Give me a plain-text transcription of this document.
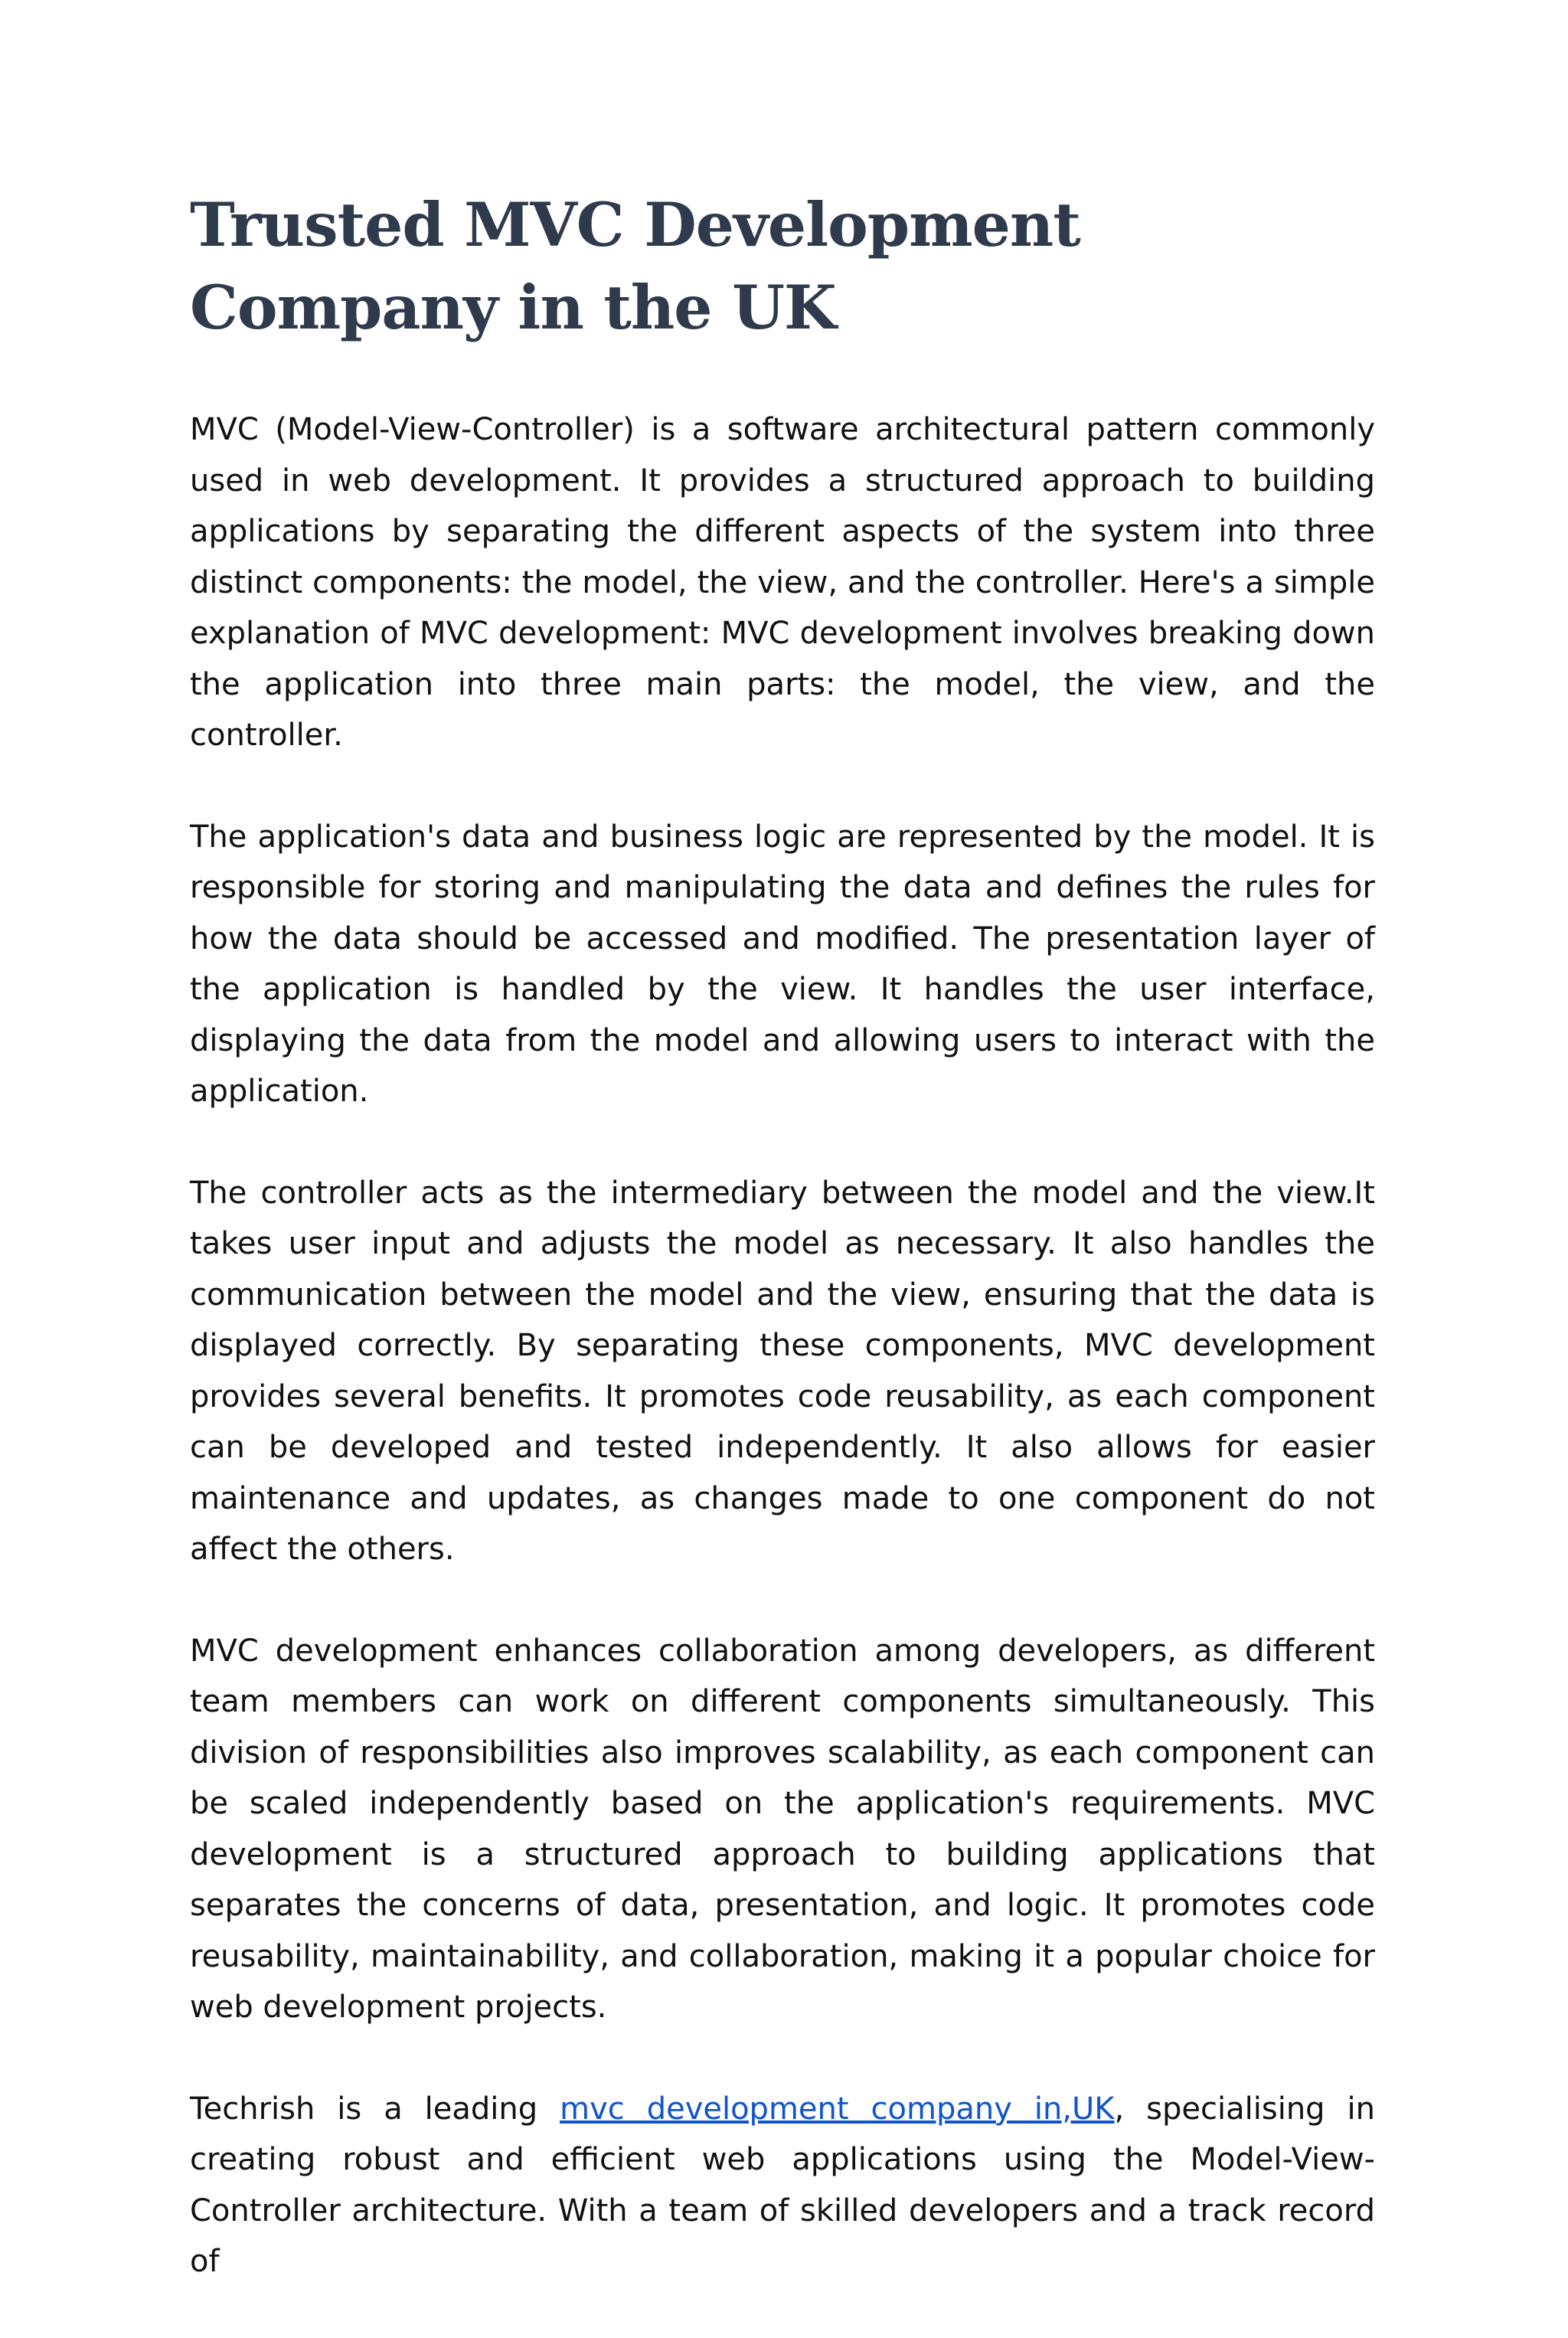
Trusted MVC Development Company in the UK

MVC (Model-View-Controller) is a software architectural pattern commonly used in web development. It provides a structured approach to building applications by separating the different aspects of the system into three distinct components: the model, the view, and the controller. Here's a simple explanation of MVC development: MVC development involves breaking down the application into three main parts: the model, the view, and the controller.

The application's data and business logic are represented by the model. It is responsible for storing and manipulating the data and defines the rules for how the data should be accessed and modified. The presentation layer of the application is handled by the view. It handles the user interface, displaying the data from the model and allowing users to interact with the application.

The controller acts as the intermediary between the model and the view.It takes user input and adjusts the model as necessary. It also handles the communication between the model and the view, ensuring that the data is displayed correctly. By separating these components, MVC development provides several benefits. It promotes code reusability, as each component can be developed and tested independently. It also allows for easier maintenance and updates, as changes made to one component do not affect the others.

MVC development enhances collaboration among developers, as different team members can work on different components simultaneously. This division of responsibilities also improves scalability, as each component can be scaled independently based on the application's requirements. MVC development is a structured approach to building applications that separates the concerns of data, presentation, and logic. It promotes code reusability, maintainability, and collaboration, making it a popular choice for web development projects.

Techrish is a leading mvc development company in,UK, specialising in creating robust and efficient web applications using the Model-View-Controller architecture. With a team of skilled developers and a track record of
